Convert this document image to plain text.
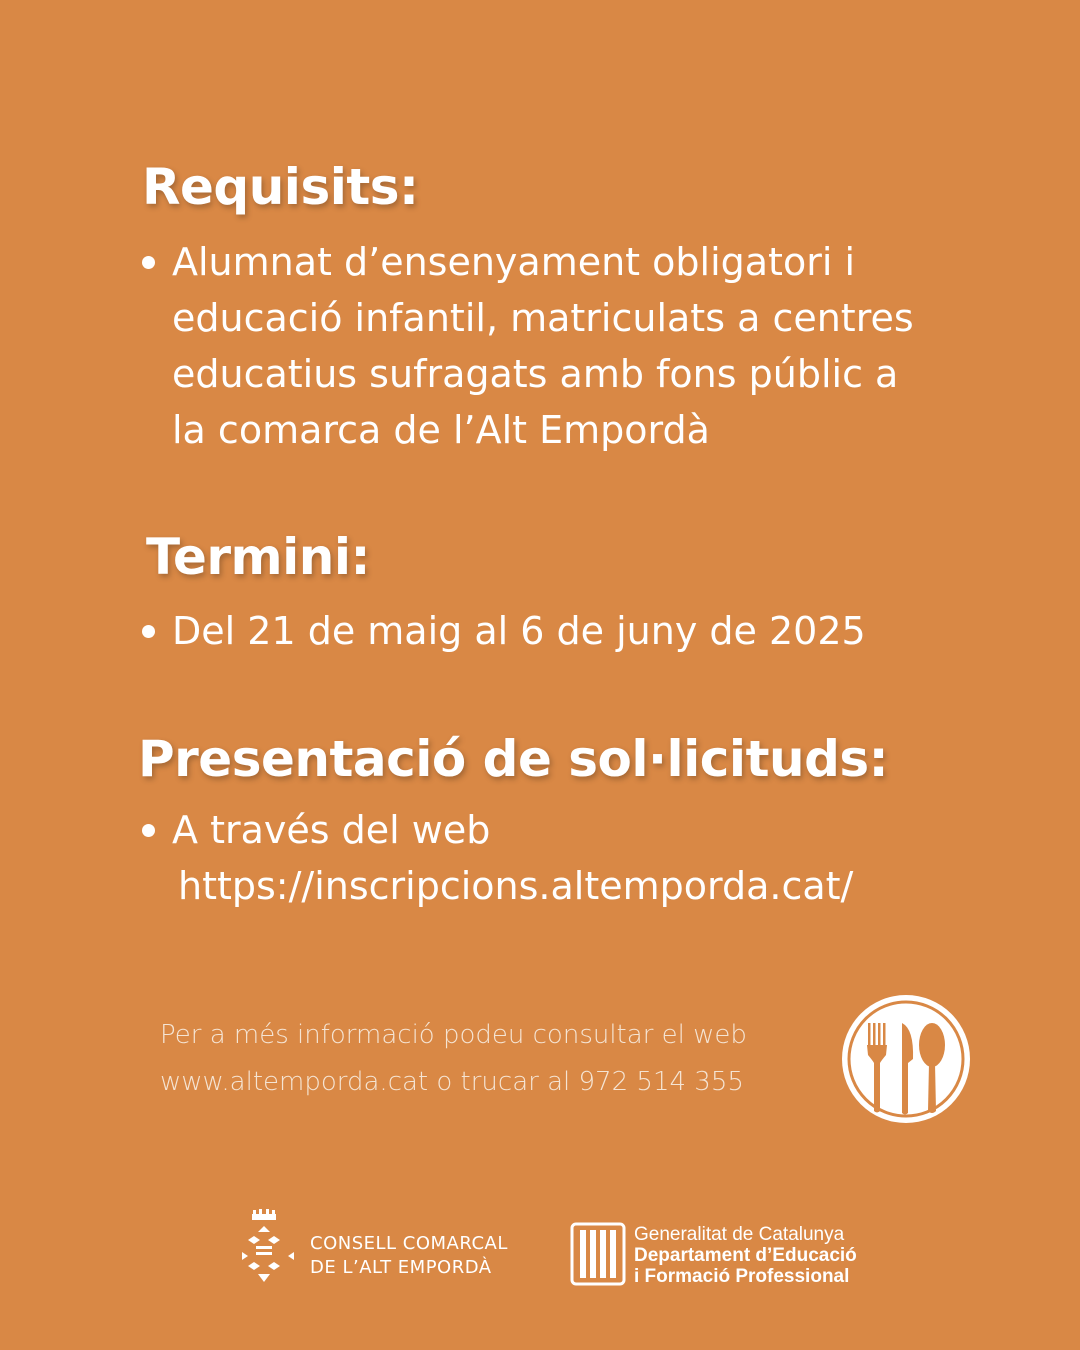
Requisits:
Alumnat d’ensenyament obligatori i
educació infantil, matriculats a centres
educatius sufragats amb fons públic a
la comarca de l’Alt Empordà
Termini:
Del 21 de maig al 6 de juny de 2025
Presentació de sol·licituds:
A través del web
https://inscripcions.altemporda.cat/
Per a més informació podeu consultar el web
www.altemporda.cat o trucar al 972 514 355
CONSELL COMARCAL
DE L’ALT EMPORDÀ
Generalitat de Catalunya
Departament d’Educació
i Formació Professional
